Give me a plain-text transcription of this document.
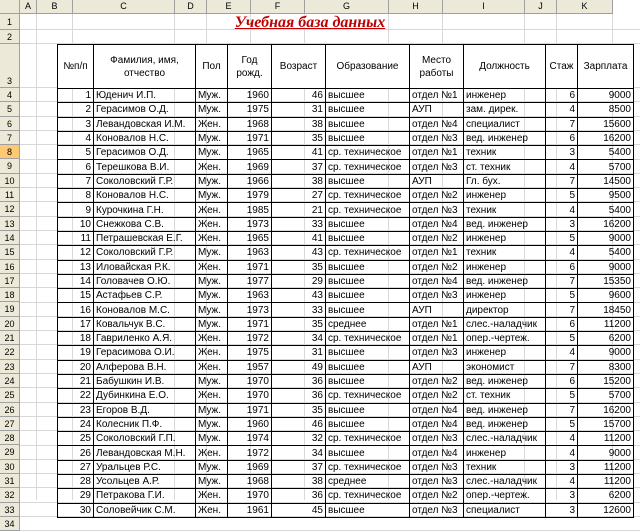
A	B	C	D	E	F	G	H	I	J	K
1
2
3
4
5
6
7
8
9
10
11
12
13
14
15
16
17
18
19
20
21
22
23
24
25
26
27
28
29
30
31
32
33
34
Учебная база данных
№п/п	Фамилия, имя, отчество	Пол	Год рожд.	Возраст	Образование	Место работы	Должность	Стаж	Зарплата
1	Юденич И.П.	Муж.	1960	46	высшее	отдел №1	инженер	6	9000
2	Герасимов О.Д.	Муж.	1975	31	высшее	АУП	зам. дирек.	4	8500
3	Левандовская И.М.	Жен.	1968	38	высшее	отдел №4	специалист	7	15600
4	Коновалов Н.С.	Муж.	1971	35	высшее	отдел №3	вед. инженер	6	16200
5	Герасимов О.Д.	Муж.	1965	41	ср. техническое	отдел №1	техник	3	5400
6	Терешкова В.И.	Жен.	1969	37	ср. техническое	отдел №3	ст. техник	4	5700
7	Соколовский Г.Р.	Муж.	1966	38	высшее	АУП	Гл. бух.	7	14500
8	Коновалов Н.С.	Муж.	1979	27	ср. техническое	отдел №2	инженер	5	9500
9	Курочкина Г.Н.	Жен.	1985	21	ср. техническое	отдел №3	техник	4	5400
10	Снежкова С.В.	Жен.	1973	33	высшее	отдел №4	вед. инженер	3	16200
11	Петрашевская Е.Г.	Жен.	1965	41	высшее	отдел №2	инженер	5	9000
12	Соколовский Г.Р.	Муж.	1963	43	ср. техническое	отдел №1	техник	4	5400
13	Иловайская Р.К.	Жен.	1971	35	высшее	отдел №2	инженер	6	9000
14	Головачев О.Ю.	Муж.	1977	29	высшее	отдел №4	вед. инженер	7	15350
15	Астафьев С.Р.	Муж.	1963	43	высшее	отдел №3	инженер	5	9600
16	Коновалов М.С.	Муж.	1973	33	высшее	АУП	директор	7	18450
17	Ковальчук В.С.	Муж.	1971	35	среднее	отдел №1	слес.-наладчик	6	11200
18	Гавриленко А.Я.	Жен.	1972	34	ср. техническое	отдел №1	опер.-чертеж.	5	6200
19	Герасимова О.И.	Жен.	1975	31	высшее	отдел №3	инженер	4	9000
20	Алферова В.Н.	Жен.	1957	49	высшее	АУП	экономист	7	8300
21	Бабушкин И.В.	Муж.	1970	36	высшее	отдел №2	вед. инженер	6	15200
22	Дубинкина Е.О.	Жен.	1970	36	ср. техническое	отдел №2	ст. техник	5	5700
23	Егоров В.Д.	Муж.	1971	35	высшее	отдел №4	вед. инженер	7	16200
24	Колесник П.Ф.	Муж.	1960	46	высшее	отдел №4	вед. инженер	5	15700
25	Соколовский Г.П.	Муж.	1974	32	ср. техническое	отдел №3	слес.-наладчик	4	11200
26	Левандовская М.Н.	Жен.	1972	34	высшее	отдел №4	инженер	4	9000
27	Уральцев Р.С.	Муж.	1969	37	ср. техническое	отдел №3	техник	3	11200
28	Усольцев А.Р.	Муж.	1968	38	среднее	отдел №3	слес.-наладчик	4	11200
29	Петракова Г.И.	Жен.	1970	36	ср. техническое	отдел №2	опер.-чертеж.	3	6200
30	Соловейчик С.М.	Жен.	1961	45	высшее	отдел №3	специалист	3	12600
